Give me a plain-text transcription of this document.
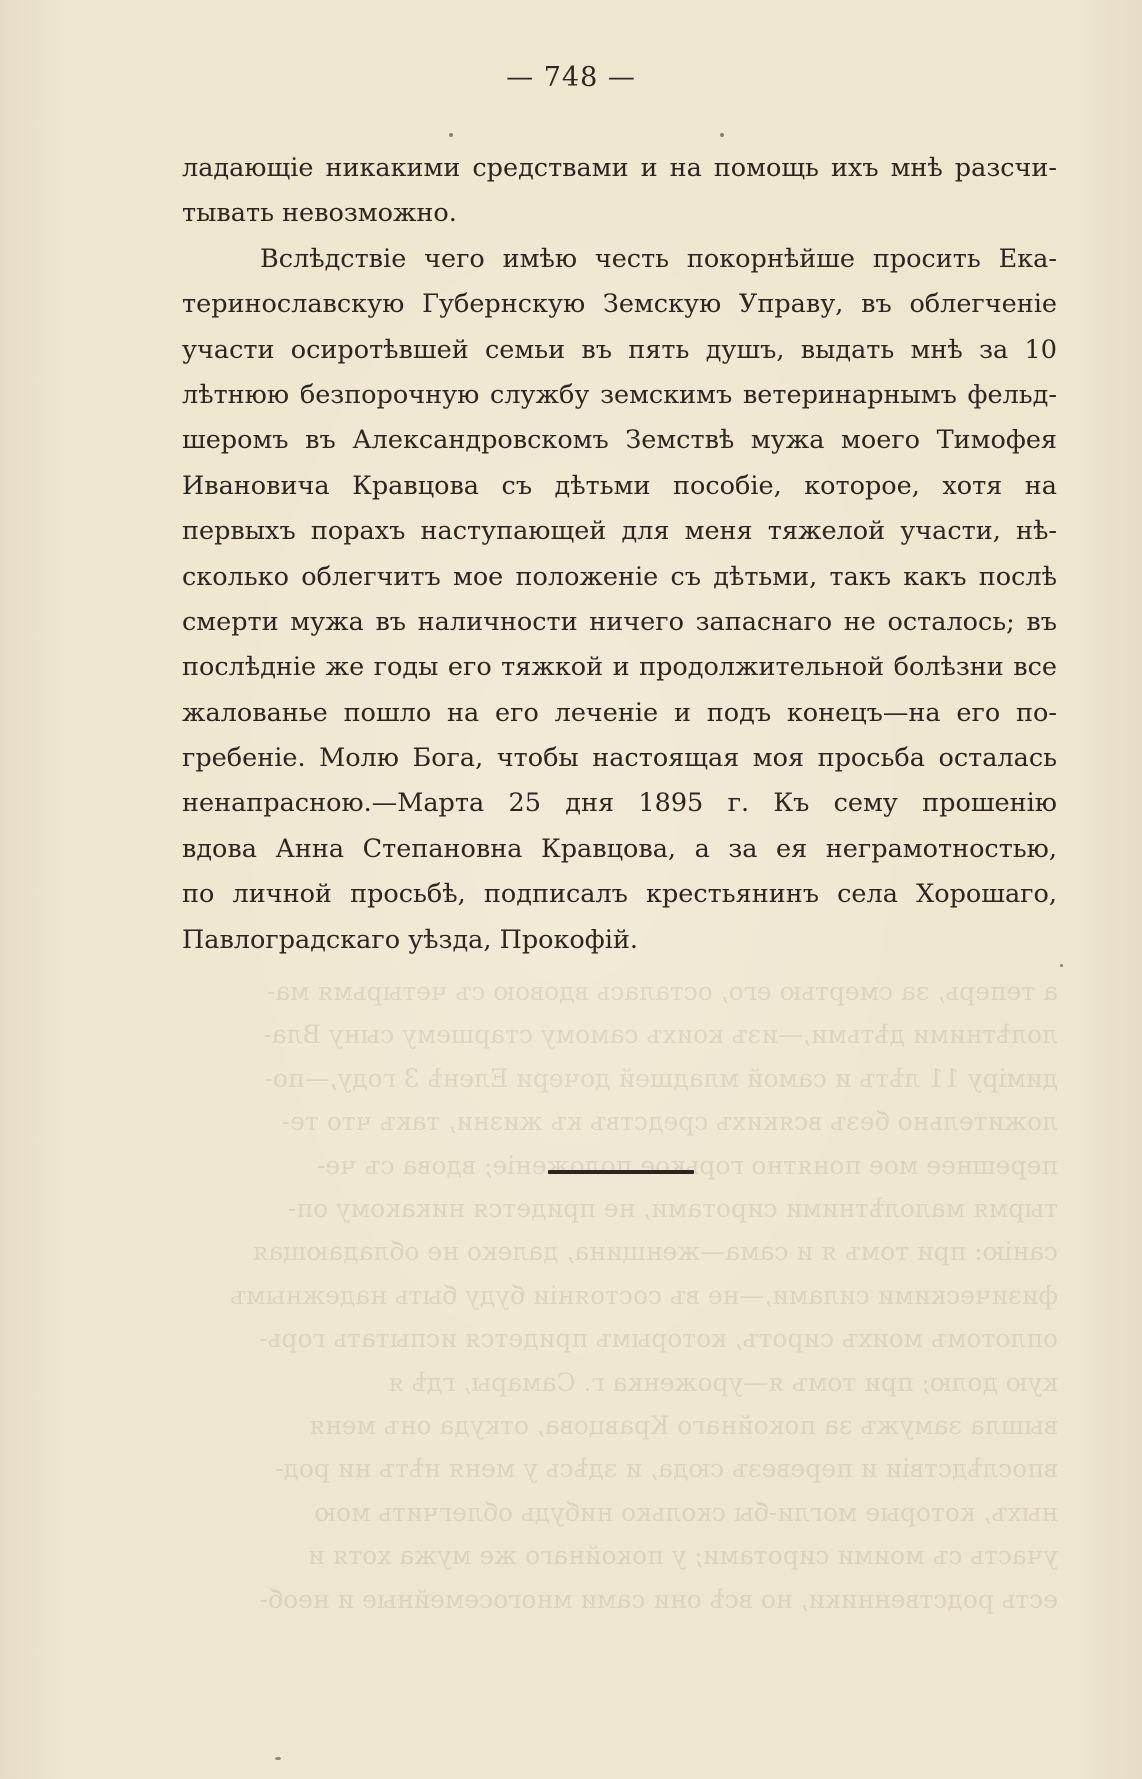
а теперь, за смертью его, осталась вдовою съ четырьмя ма-
лолѣтними дѣтьми,—изъ коихъ самому старшему сыну Вла-
диміру 11 лѣтъ и самой младшей дочери Еленѣ 3 году,—по-
ложительно безъ всякихъ средствъ къ жизни, такъ что те-
перешнее мое понятно горькое положеніе; вдова съ че-
тырмя малолѣтними сиротами, не придется никакому оп-
санію: при томъ я и сама—женщина, далеко не обладающая
физическими силами,—не въ состояніи буду быть надежнымъ
оплотомъ моихъ сиротъ, которымъ придется испытать горь-
кую долю; при томъ я—уроженка г. Самары, гдѣ я
вышла замужъ за покойнаго Кравцова, откуда онъ меня
впослѣдствіи и перевезъ сюда, и здѣсь у меня нѣтъ ни род-
ныхъ, которые могли-бы сколько нибудь облегчить мою
участь съ моими сиротами; у покойнаго же мужа хотя и
есть родственники, но всѣ они сами многосемейные и необ-
— 748 —
ладающіе никакими средствами и на помощь ихъ мнѣ разсчи-
тывать невозможно.
Вслѣдствіе чего имѣю честь покорнѣйше просить Ека-
теринославскую Губернскую Земскую Управу, въ облегченіе
участи осиротѣвшей семьи въ пять душъ, выдать мнѣ за 10
лѣтнюю безпорочную службу земскимъ ветеринарнымъ фельд-
шеромъ въ Александровскомъ Земствѣ мужа моего Тимофея
Ивановича Кравцова съ дѣтьми пособіе, которое, хотя на
первыхъ порахъ наступающей для меня тяжелой участи, нѣ-
сколько облегчитъ мое положеніе съ дѣтьми, такъ какъ послѣ
смерти мужа въ наличности ничего запаснаго не осталось; въ
послѣдніе же годы его тяжкой и продолжительной болѣзни все
жалованье пошло на его леченіе и подъ конецъ—на его по-
гребеніе. Молю Бога, чтобы настоящая моя просьба осталась
ненапрасною.—Марта 25 дня 1895 г. Къ сему прошенію
вдова Анна Степановна Кравцова, а за ея неграмотностью,
по личной просьбѣ, подписалъ крестьянинъ села Хорошаго,
Павлоградскаго уѣзда, Прокофій.
